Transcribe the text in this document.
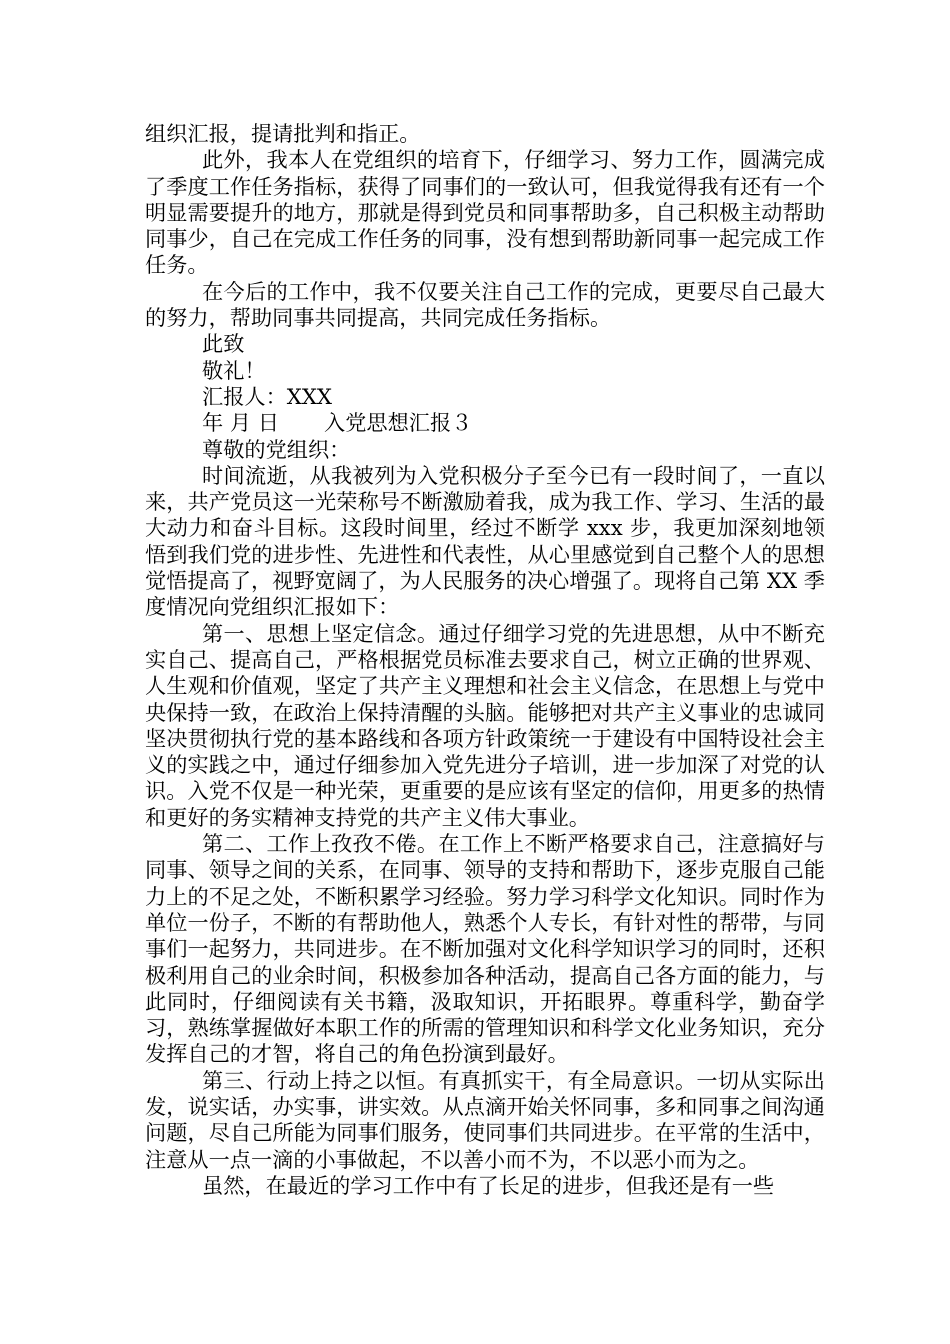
组织汇报，提请批判和指正。

此外，我本人在党组织的培育下，仔细学习、努力工作，圆满完成了季度工作任务指标，获得了同事们的一致认可，但我觉得我有还有一个明显需要提升的地方，那就是得到党员和同事帮助多，自己积极主动帮助同事少，自己在完成工作任务的同事，没有想到帮助新同事一起完成工作任务。

在今后的工作中，我不仅要关注自己工作的完成，更要尽自己最大的努力，帮助同事共同提高，共同完成任务指标。

此致

敬礼！

汇报人：XXX

年 月 日 入党思想汇报３

尊敬的党组织：

时间流逝，从我被列为入党积极分子至今已有一段时间了，一直以来，共产党员这一光荣称号不断激励着我，成为我工作、学习、生活的最大动力和奋斗目标。这段时间里，经过不断学 xxx 步，我更加深刻地领悟到我们党的进步性、先进性和代表性，从心里感觉到自己整个人的思想觉悟提高了，视野宽阔了，为人民服务的决心增强了。现将自己第 XX 季度情况向党组织汇报如下：

第一、思想上坚定信念。通过仔细学习党的先进思想，从中不断充实自己、提高自己，严格根据党员标准去要求自己，树立正确的世界观、人生观和价值观，坚定了共产主义理想和社会主义信念，在思想上与党中央保持一致，在政治上保持清醒的头脑。能够把对共产主义事业的忠诚同坚决贯彻执行党的基本路线和各项方针政策统一于建设有中国特设社会主义的实践之中，通过仔细参加入党先进分子培训，进一步加深了对党的认识。入党不仅是一种光荣，更重要的是应该有坚定的信仰，用更多的热情和更好的务实精神支持党的共产主义伟大事业。

第二、工作上孜孜不倦。在工作上不断严格要求自己，注意搞好与同事、领导之间的关系，在同事、领导的支持和帮助下，逐步克服自己能力上的不足之处，不断积累学习经验。努力学习科学文化知识。同时作为单位一份子，不断的有帮助他人，熟悉个人专长，有针对性的帮带，与同事们一起努力，共同进步。在不断加强对文化科学知识学习的同时，还积极利用自己的业余时间，积极参加各种活动，提高自己各方面的能力，与此同时，仔细阅读有关书籍，汲取知识，开拓眼界。尊重科学，勤奋学习，熟练掌握做好本职工作的所需的管理知识和科学文化业务知识，充分发挥自己的才智，将自己的角色扮演到最好。

第三、行动上持之以恒。有真抓实干，有全局意识。一切从实际出发，说实话，办实事，讲实效。从点滴开始关怀同事，多和同事之间沟通问题，尽自己所能为同事们服务，使同事们共同进步。在平常的生活中，注意从一点一滴的小事做起，不以善小而不为，不以恶小而为之。

虽然，在最近的学习工作中有了长足的进步，但我还是有一些
